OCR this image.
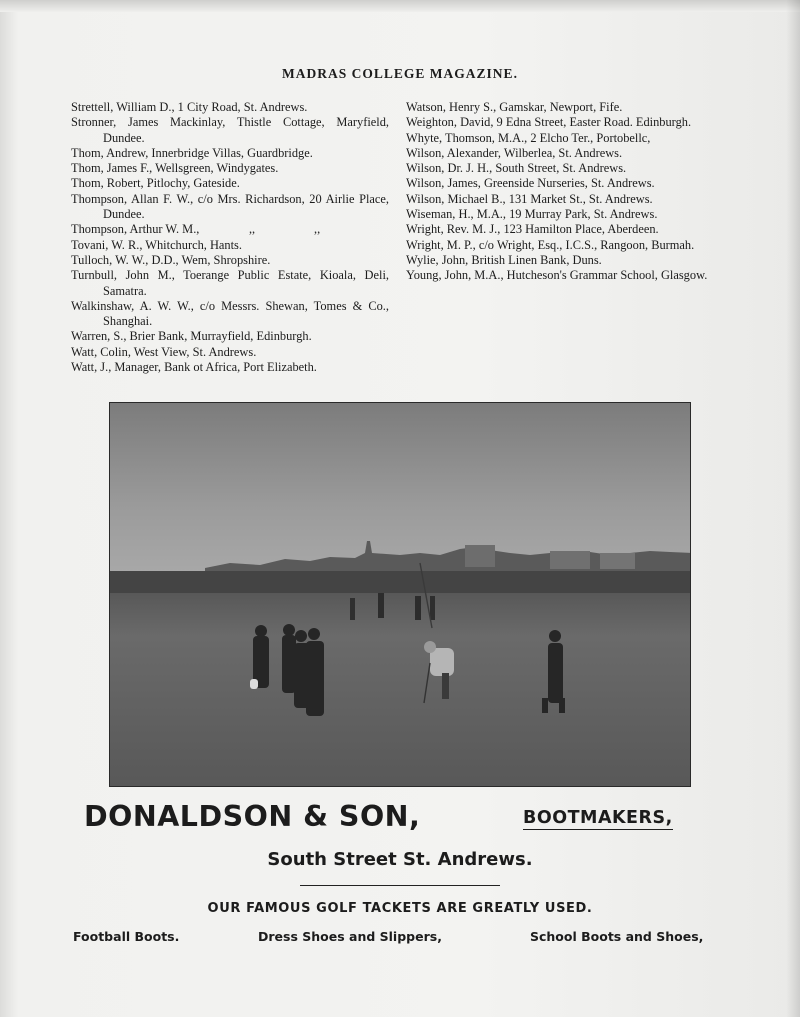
MADRAS COLLEGE MAGAZINE.

Strettell, William D., 1 City Road, St. Andrews.

Stronner, James Mackinlay, Thistle Cottage, Maryfield, Dundee.

Thom, Andrew, Innerbridge Villas, Guardbridge.

Thom, James F., Wellsgreen, Windygates.

Thom, Robert, Pitlochy, Gateside.

Thompson, Allan F. W., c/o Mrs. Richardson, 20 Airlie Place, Dundee.

Thompson, Arthur W. M.,                ,,                   ,,

Tovani, W. R., Whitchurch, Hants.

Tulloch, W. W., D.D., Wem, Shropshire.

Turnbull, John M., Toerange Public Estate, Kioala, Deli, Samatra.

Walkinshaw, A. W. W., c/o Messrs. Shewan, Tomes & Co., Shanghai.

Warren, S., Brier Bank, Murrayfield, Edinburgh.

Watt, Colin, West View, St. Andrews.

Watt, J., Manager, Bank ot Africa, Port Elizabeth.

Watson, Henry S., Gamskar, Newport, Fife.

Weighton, David, 9 Edna Street, Easter Road. Edinburgh.

Whyte, Thomson, M.A., 2 Elcho Ter., Portobellc,

Wilson, Alexander, Wilberlea, St. Andrews.

Wilson, Dr. J. H., South Street, St. Andrews.

Wilson, James, Greenside Nurseries, St. Andrews.

Wilson, Michael B., 131 Market St., St. Andrews.

Wiseman, H., M.A., 19 Murray Park, St. Andrews.

Wright, Rev. M. J., 123 Hamilton Place, Aberdeen.

Wright, M. P., c/o Wright, Esq., I.C.S., Rangoon, Burmah.

Wylie, John, British Linen Bank, Duns.

Young, John, M.A., Hutcheson's Grammar School, Glasgow.

DONALDSON & SON,	BOOTMAKERS,
South Street St. Andrews.
OUR FAMOUS GOLF TACKETS ARE GREATLY USED.
Football Boots.	Dress Shoes and Slippers,	School Boots and Shoes,
